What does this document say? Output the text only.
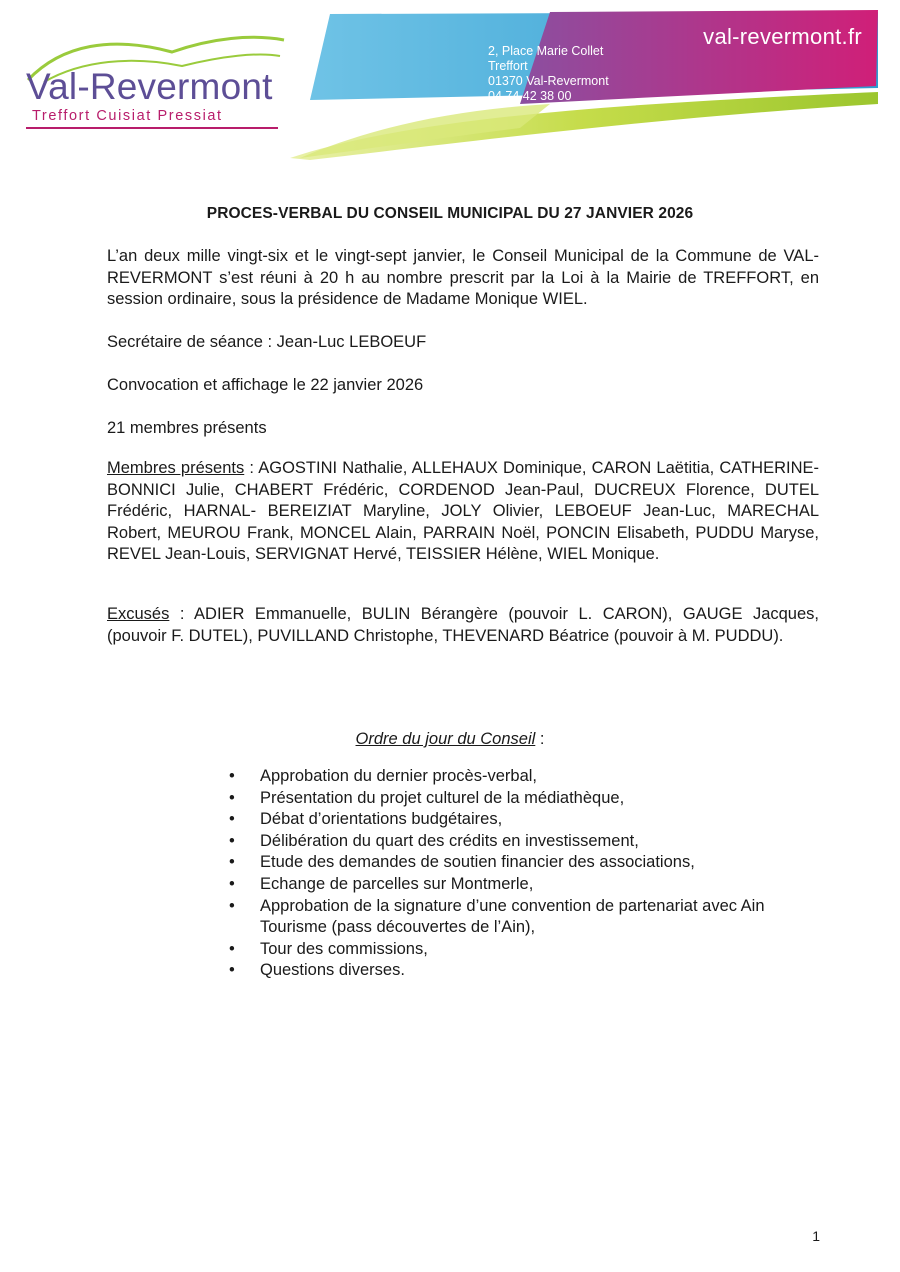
Val-Revermont
Treffort Cuisiat Pressiat
val-revermont.fr
2, Place Marie Collet
Treffort
01370 Val-Revermont
04 74 42 38 00
PROCES-VERBAL DU CONSEIL MUNICIPAL DU 27 JANVIER 2026
L’an deux mille vingt-six et le vingt-sept janvier, le Conseil Municipal de la Commune de VAL-REVERMONT s’est réuni à 20 h au nombre prescrit par la Loi à la Mairie de TREFFORT, en session ordinaire, sous la présidence de Madame Monique WIEL.
Secrétaire de séance : Jean-Luc LEBOEUF
Convocation et affichage le 22 janvier 2026
21 membres présents
Membres présents : AGOSTINI Nathalie, ALLEHAUX Dominique, CARON Laëtitia, CATHERINE-BONNICI Julie, CHABERT Frédéric, CORDENOD Jean-Paul, DUCREUX Florence, DUTEL Frédéric, HARNAL- BEREIZIAT Maryline, JOLY Olivier, LEBOEUF Jean-Luc, MARECHAL Robert, MEUROU Frank, MONCEL Alain, PARRAIN Noël, PONCIN Elisabeth, PUDDU Maryse, REVEL Jean-Louis, SERVIGNAT Hervé, TEISSIER Hélène, WIEL Monique.
Excusés : ADIER Emmanuelle, BULIN Bérangère (pouvoir L. CARON), GAUGE Jacques, (pouvoir F. DUTEL), PUVILLAND Christophe, THEVENARD Béatrice (pouvoir à M. PUDDU).
Ordre du jour du Conseil :
• Approbation du dernier procès-verbal,
• Présentation du projet culturel de la médiathèque,
• Débat d’orientations budgétaires,
• Délibération du quart des crédits en investissement,
• Etude des demandes de soutien financier des associations,
• Echange de parcelles sur Montmerle,
• Approbation de la signature d’une convention de partenariat avec Ain Tourisme (pass découvertes de l’Ain),
• Tour des commissions,
• Questions diverses.
1
